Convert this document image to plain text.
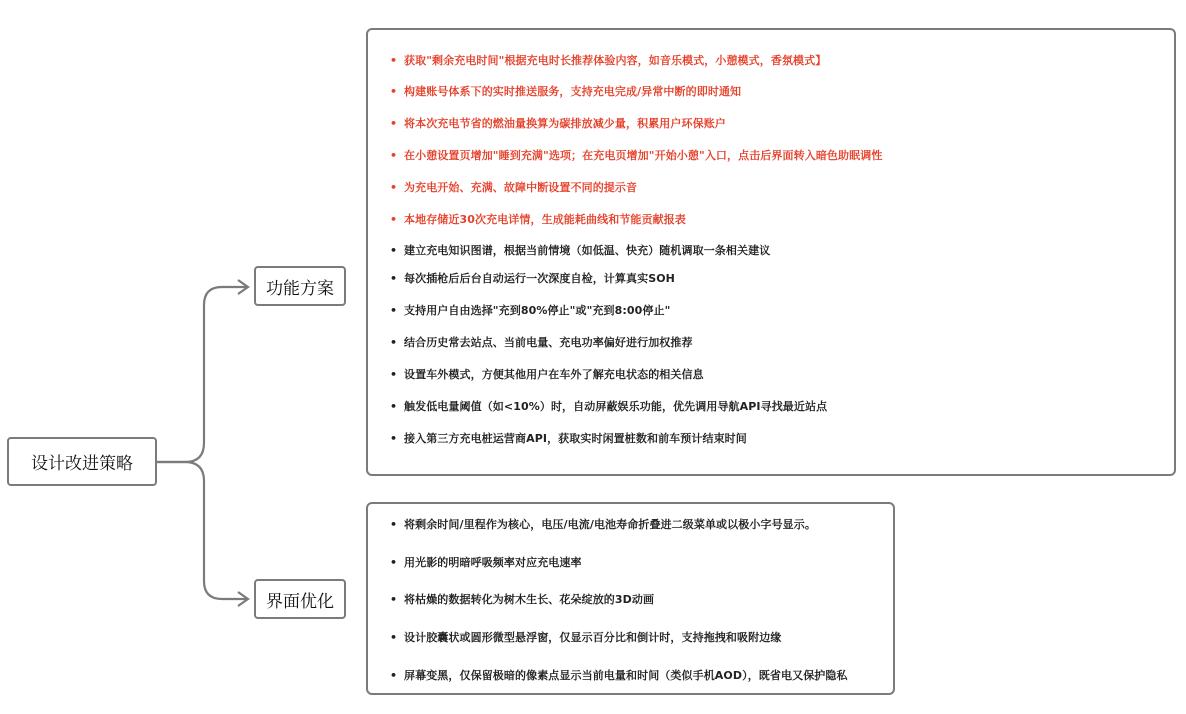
设计改进策略
功能方案
界面优化
• 获取"剩余充电时间"根据充电时长推荐体验内容，如音乐模式，小憩模式，香氛模式】
• 构建账号体系下的实时推送服务，支持充电完成/异常中断的即时通知
• 将本次充电节省的燃油量换算为碳排放减少量，积累用户环保账户
• 在小憩设置页增加"睡到充满"选项；在充电页增加"开始小憩"入口，点击后界面转入暗色助眠调性
• 为充电开始、充满、故障中断设置不同的提示音
• 本地存储近30次充电详情，生成能耗曲线和节能贡献报表
• 建立充电知识图谱，根据当前情境（如低温、快充）随机调取一条相关建议
• 每次插枪后后台自动运行一次深度自检，计算真实SOH
• 支持用户自由选择"充到80%停止"或"充到8:00停止"
• 结合历史常去站点、当前电量、充电功率偏好进行加权推荐
• 设置车外模式，方便其他用户在车外了解充电状态的相关信息
• 触发低电量阈值（如<10%）时，自动屏蔽娱乐功能，优先调用导航API寻找最近站点
• 接入第三方充电桩运营商API，获取实时闲置桩数和前车预计结束时间
• 将剩余时间/里程作为核心，电压/电流/电池寿命折叠进二级菜单或以极小字号显示。
• 用光影的明暗呼吸频率对应充电速率
• 将枯燥的数据转化为树木生长、花朵绽放的3D动画
• 设计胶囊状或圆形微型悬浮窗，仅显示百分比和倒计时，支持拖拽和吸附边缘
• 屏幕变黑，仅保留极暗的像素点显示当前电量和时间（类似手机AOD），既省电又保护隐私
